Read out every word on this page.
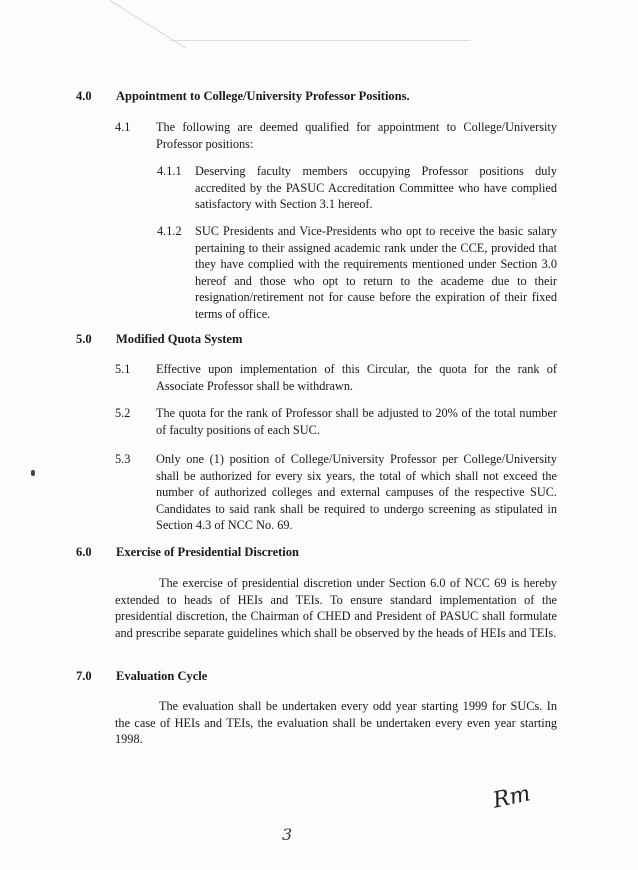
4.0 Appointment to College/University Professor Positions.
4.1 The following are deemed qualified for appointment to College/University Professor positions:
4.1.1 Deserving faculty members occupying Professor positions duly accredited by the PASUC Accreditation Committee who have complied satisfactory with Section 3.1 hereof.
4.1.2 SUC Presidents and Vice-Presidents who opt to receive the basic salary pertaining to their assigned academic rank under the CCE, provided that they have complied with the requirements mentioned under Section 3.0 hereof and those who opt to return to the academe due to their resignation/retirement not for cause before the expiration of their fixed terms of office.
5.0 Modified Quota System
5.1 Effective upon implementation of this Circular, the quota for the rank of Associate Professor shall be withdrawn.
5.2 The quota for the rank of Professor shall be adjusted to 20% of the total number of faculty positions of each SUC.
5.3 Only one (1) position of College/University Professor per College/University shall be authorized for every six years, the total of which shall not exceed the number of authorized colleges and external campuses of the respective SUC. Candidates to said rank shall be required to undergo screening as stipulated in Section 4.3 of NCC No. 69.
6.0 Exercise of Presidential Discretion
The exercise of presidential discretion under Section 6.0 of NCC 69 is hereby extended to heads of HEIs and TEIs. To ensure standard implementation of the presidential discretion, the Chairman of CHED and President of PASUC shall formulate and prescribe separate guidelines which shall be observed by the heads of HEIs and TEIs.
7.0 Evaluation Cycle
The evaluation shall be undertaken every odd year starting 1999 for SUCs. In the case of HEIs and TEIs, the evaluation shall be undertaken every even year starting 1998.
Rm
3
